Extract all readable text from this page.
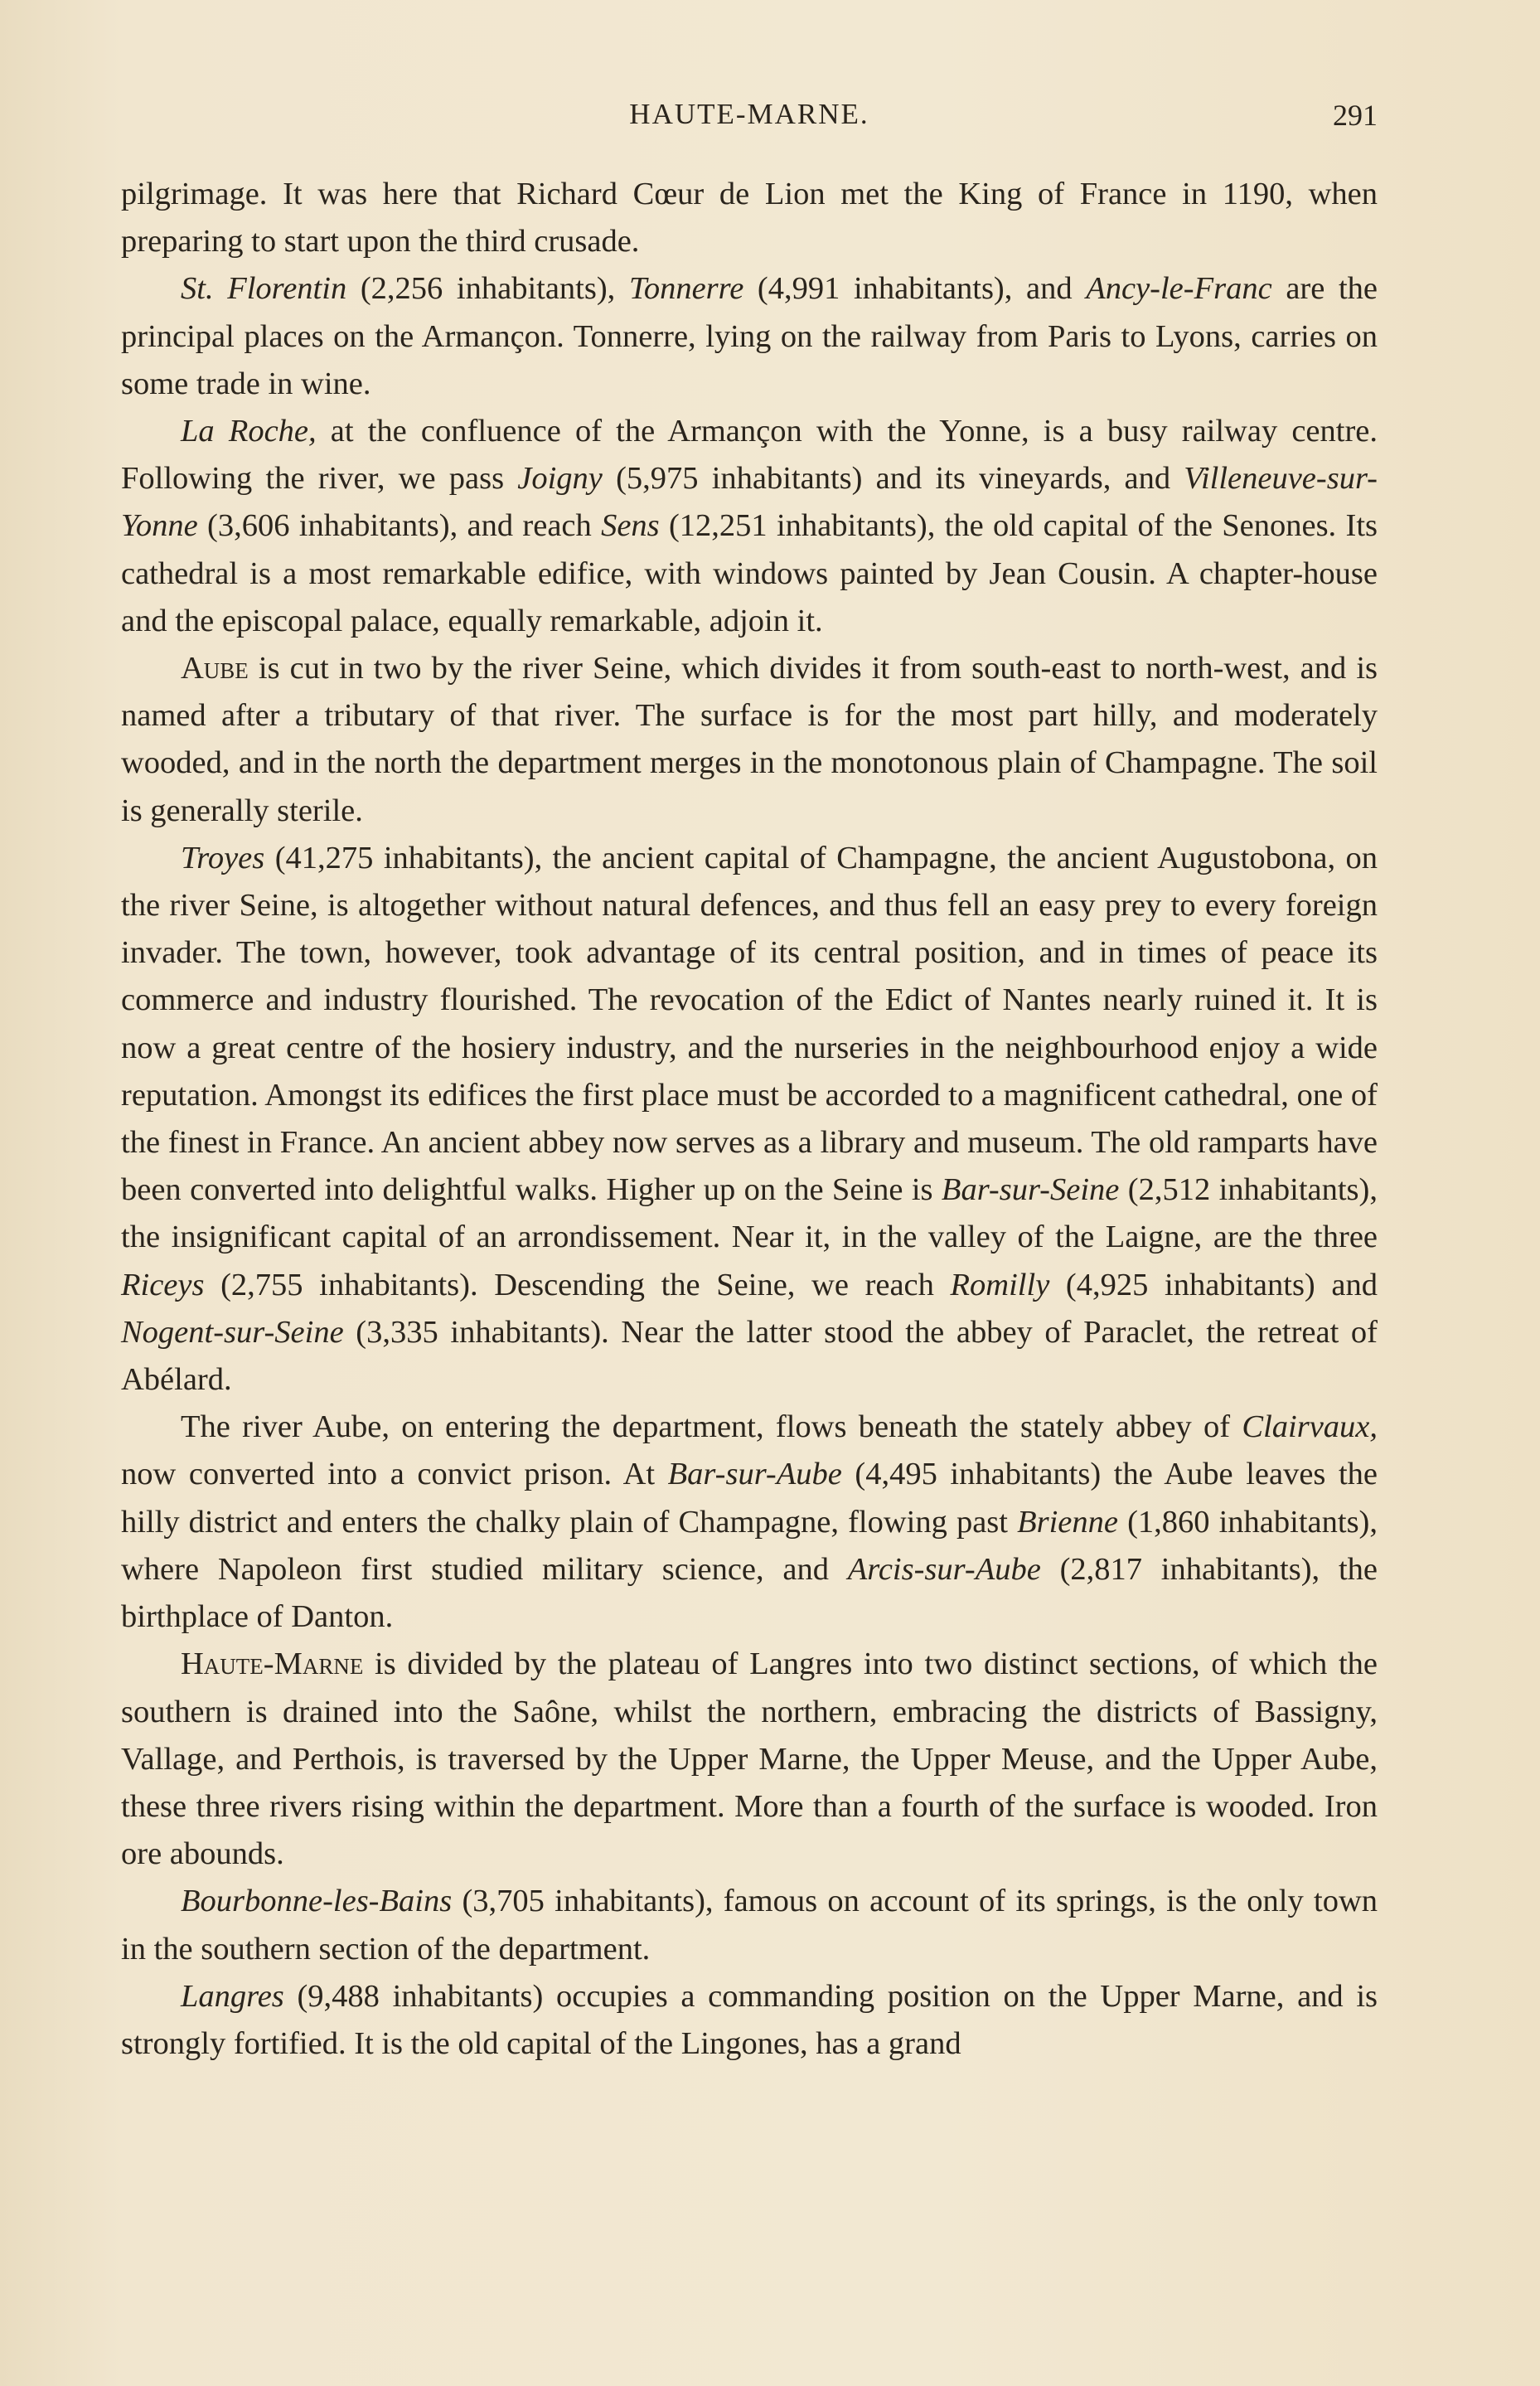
HAUTE-MARNE.	291

pilgrimage. It was here that Richard Cœur de Lion met the King of France in 1190, when preparing to start upon the third crusade.

St. Florentin (2,256 inhabitants), Tonnerre (4,991 inhabitants), and Ancy-le-Franc are the principal places on the Armançon. Tonnerre, lying on the railway from Paris to Lyons, carries on some trade in wine.

La Roche, at the confluence of the Armançon with the Yonne, is a busy railway centre. Following the river, we pass Joigny (5,975 inhabitants) and its vineyards, and Villeneuve-sur-Yonne (3,606 inhabitants), and reach Sens (12,251 inhabitants), the old capital of the Senones. Its cathedral is a most remarkable edifice, with windows painted by Jean Cousin. A chapter-house and the episcopal palace, equally remarkable, adjoin it.

Aube is cut in two by the river Seine, which divides it from south-east to north-west, and is named after a tributary of that river. The surface is for the most part hilly, and moderately wooded, and in the north the department merges in the monotonous plain of Champagne. The soil is generally sterile.

Troyes (41,275 inhabitants), the ancient capital of Champagne, the ancient Augustobona, on the river Seine, is altogether without natural defences, and thus fell an easy prey to every foreign invader. The town, however, took advantage of its central position, and in times of peace its commerce and industry flourished. The revocation of the Edict of Nantes nearly ruined it. It is now a great centre of the hosiery industry, and the nurseries in the neighbourhood enjoy a wide reputation. Amongst its edifices the first place must be accorded to a magnificent cathedral, one of the finest in France. An ancient abbey now serves as a library and museum. The old ramparts have been converted into delightful walks. Higher up on the Seine is Bar-sur-Seine (2,512 inhabitants), the insignificant capital of an arrondissement. Near it, in the valley of the Laigne, are the three Riceys (2,755 inhabitants). Descending the Seine, we reach Romilly (4,925 inhabitants) and Nogent-sur-Seine (3,335 inhabitants). Near the latter stood the abbey of Paraclet, the retreat of Abélard.

The river Aube, on entering the department, flows beneath the stately abbey of Clairvaux, now converted into a convict prison. At Bar-sur-Aube (4,495 inhabitants) the Aube leaves the hilly district and enters the chalky plain of Champagne, flowing past Brienne (1,860 inhabitants), where Napoleon first studied military science, and Arcis-sur-Aube (2,817 inhabitants), the birthplace of Danton.

Haute-Marne is divided by the plateau of Langres into two distinct sections, of which the southern is drained into the Saône, whilst the northern, embracing the districts of Bassigny, Vallage, and Perthois, is traversed by the Upper Marne, the Upper Meuse, and the Upper Aube, these three rivers rising within the department. More than a fourth of the surface is wooded. Iron ore abounds.

Bourbonne-les-Bains (3,705 inhabitants), famous on account of its springs, is the only town in the southern section of the department.

Langres (9,488 inhabitants) occupies a commanding position on the Upper Marne, and is strongly fortified. It is the old capital of the Lingones, has a grand
